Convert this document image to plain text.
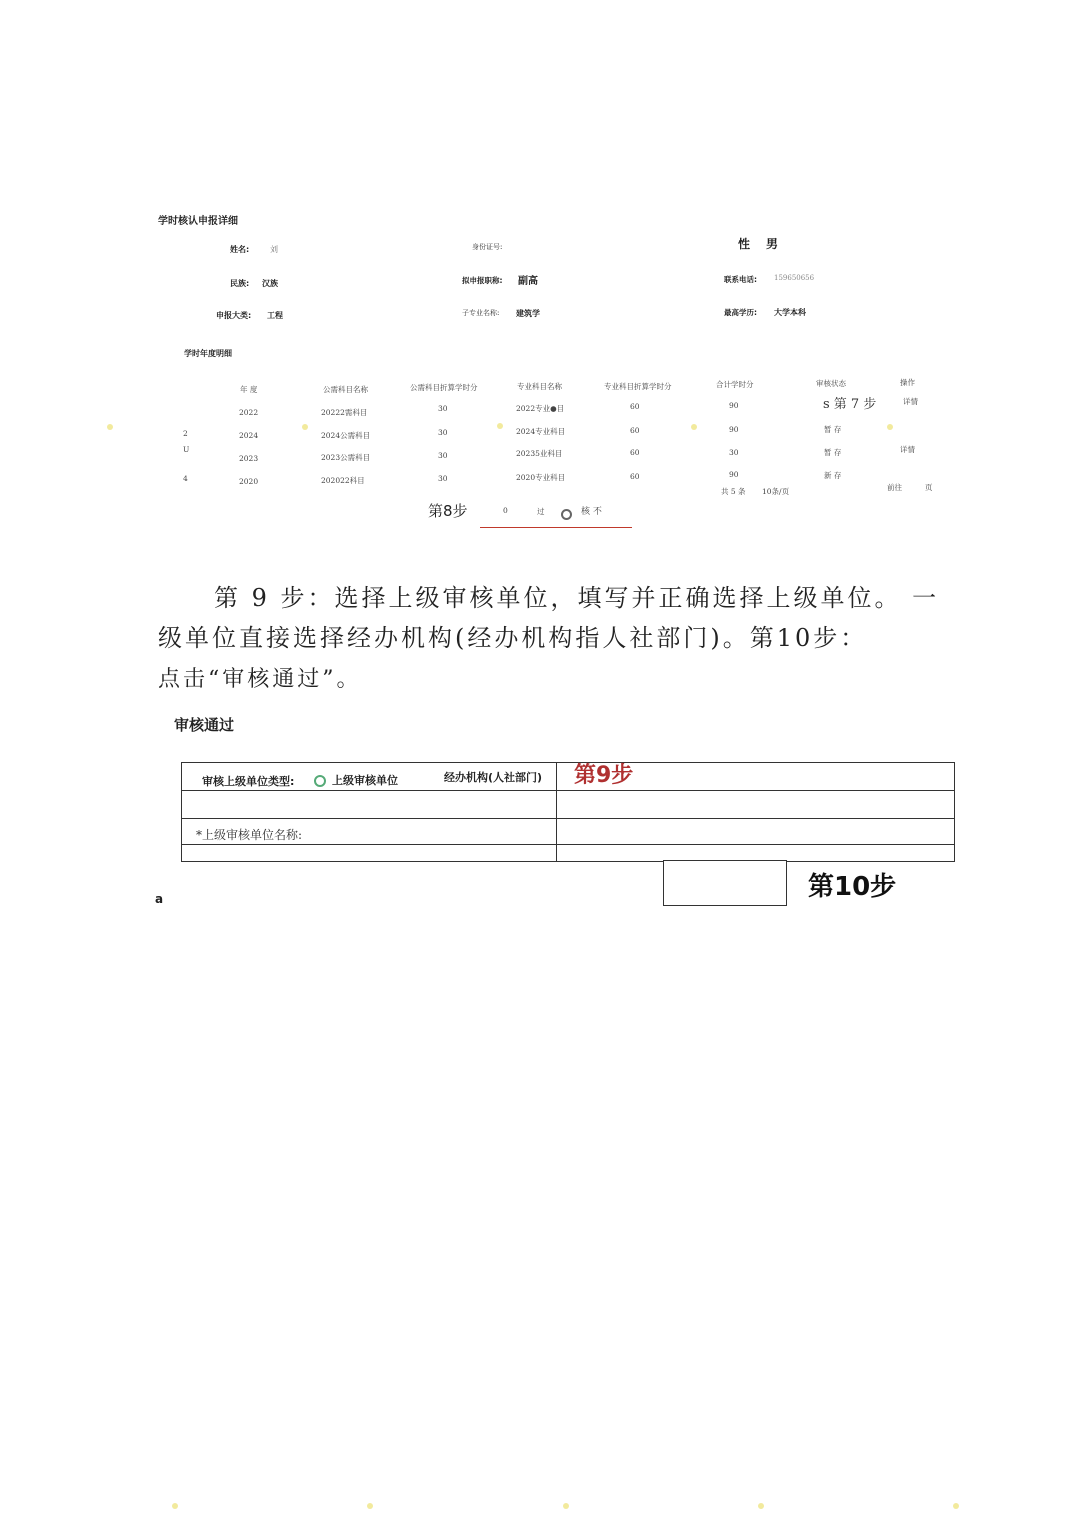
学时核认申报详细
姓名:	刘	身份证号:	性　男
民族: 汉族	拟申报职称: 副高	联系电话: 159650656
申报大类: 工程	子专业名称: 建筑学	最高学历: 大学本科
学时年度明细
年 度	公需科目名称	公需科目折算学时分	专业科目名称	专业科目折算学时分	合计学时分	审核状态	操作
2022	20222需科目	30	2022专业●目	60	90	s 第 7 步	详情
2	2024	2024公需科目	30	2024专业科目	60	90	暂 存
U
2023	2023公需科目	30	20235业科目	60	30	暂 存	详情
4	2020	202022科目	30	2020专业科目	60	90	新 存
共 5 条 10条/页	前往	页
第8步	0	过	核 不
第 9 步：选择上级审核单位，填写并正确选择上级单位。 一
级单位直接选择经办机构(经办机构指人社部门)。第10步：
点击“审核通过”。
审核通过
审核上级单位类型:	上级审核单位	经办机构(人社部门) 第9步
*上级审核单位名称:
第10步
a
